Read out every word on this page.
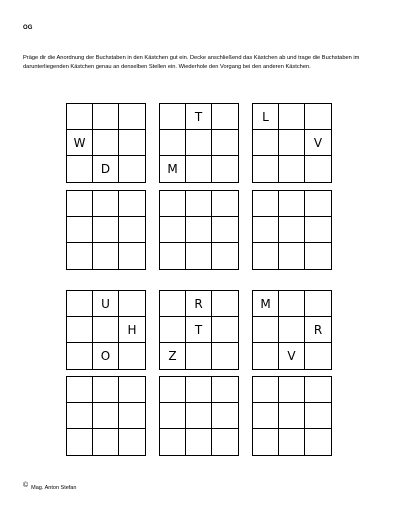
OG

Präge dir die Anordnung der Buchstaben in den Kästchen gut ein. Decke anschließend das Kästchen ab und trage die Buchstaben im darunterliegenden Kästchen genau an denselben Stellen ein. Wiederhole den Vorgang bei den anderen Kästchen.

W
D
T
M
L
V
U
H
O
R
T
Z
M
R
V
© Mag. Anton Stefan
